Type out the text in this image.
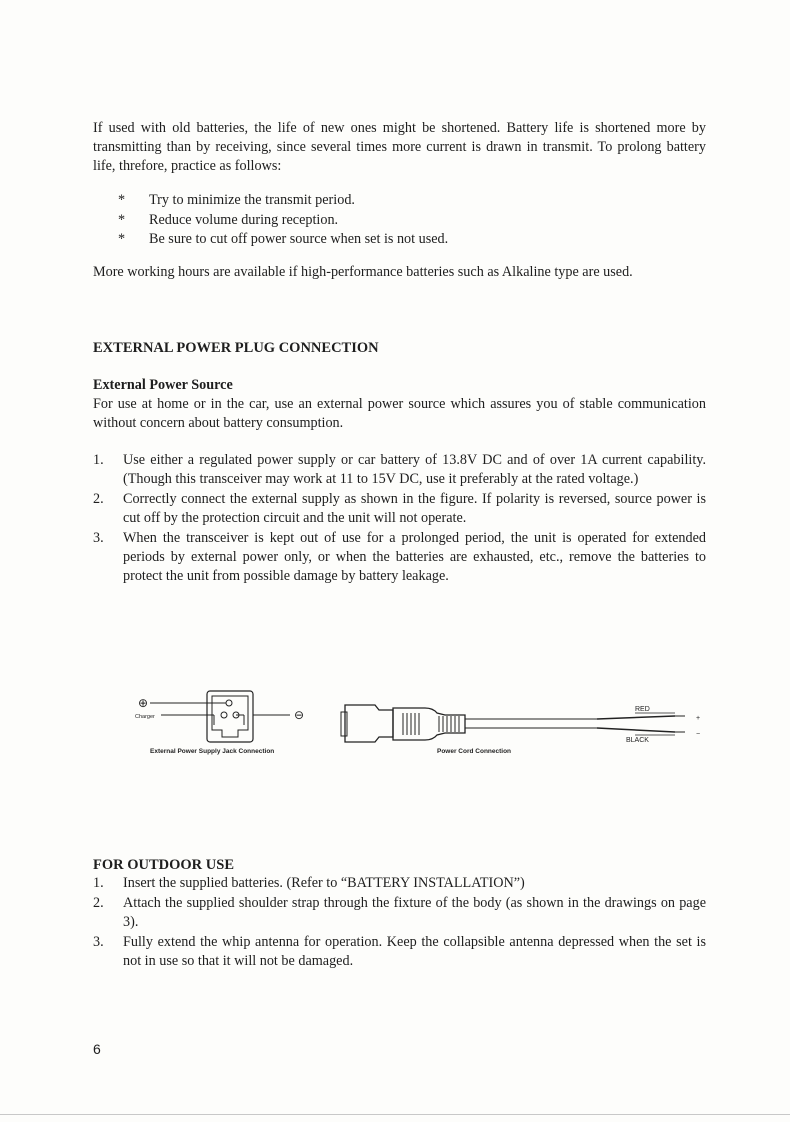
If used with old batteries, the life of new ones might be shortened. Battery life is shortened more by transmitting than by receiving, since several times more current is drawn in transmit. To prolong battery life, threfore, practice as follows:

*	Try to minimize the transmit period.
*	Reduce volume during reception.
*	Be sure to cut off power source when set is not used.

More working hours are available if high-performance batteries such as Alkaline type are used.

EXTERNAL POWER PLUG CONNECTION
External Power Source

For use at home or in the car, use an external power source which assures you of stable communication without concern about battery consumption.

1.	Use either a regulated power supply or car battery of 13.8V DC and of over 1A current capability. (Though this transceiver may work at 11 to 15V DC, use it preferably at the rated voltage.)
2.	Correctly connect the external supply as shown in the figure. If polarity is reversed, source power is cut off by the protection circuit and the unit will not operate.
3.	When the transceiver is kept out of use for a prolonged period, the unit is operated for extended periods by external power only, or when the batteries are exhausted, etc., remove the batteries to protect the unit from possible damage by battery leakage.
⊕
Charger	⊖
External Power Supply Jack Connection
RED
BLACK
+
−
Power Cord Connection
FOR OUTDOOR USE
1.	Insert the supplied batteries. (Refer to “BATTERY INSTALLATION”)
2.	Attach the supplied shoulder strap through the fixture of the body (as shown in the drawings on page 3).
3.	Fully extend the whip antenna for operation. Keep the collapsible antenna depressed when the set is not in use so that it will not be damaged.

6
